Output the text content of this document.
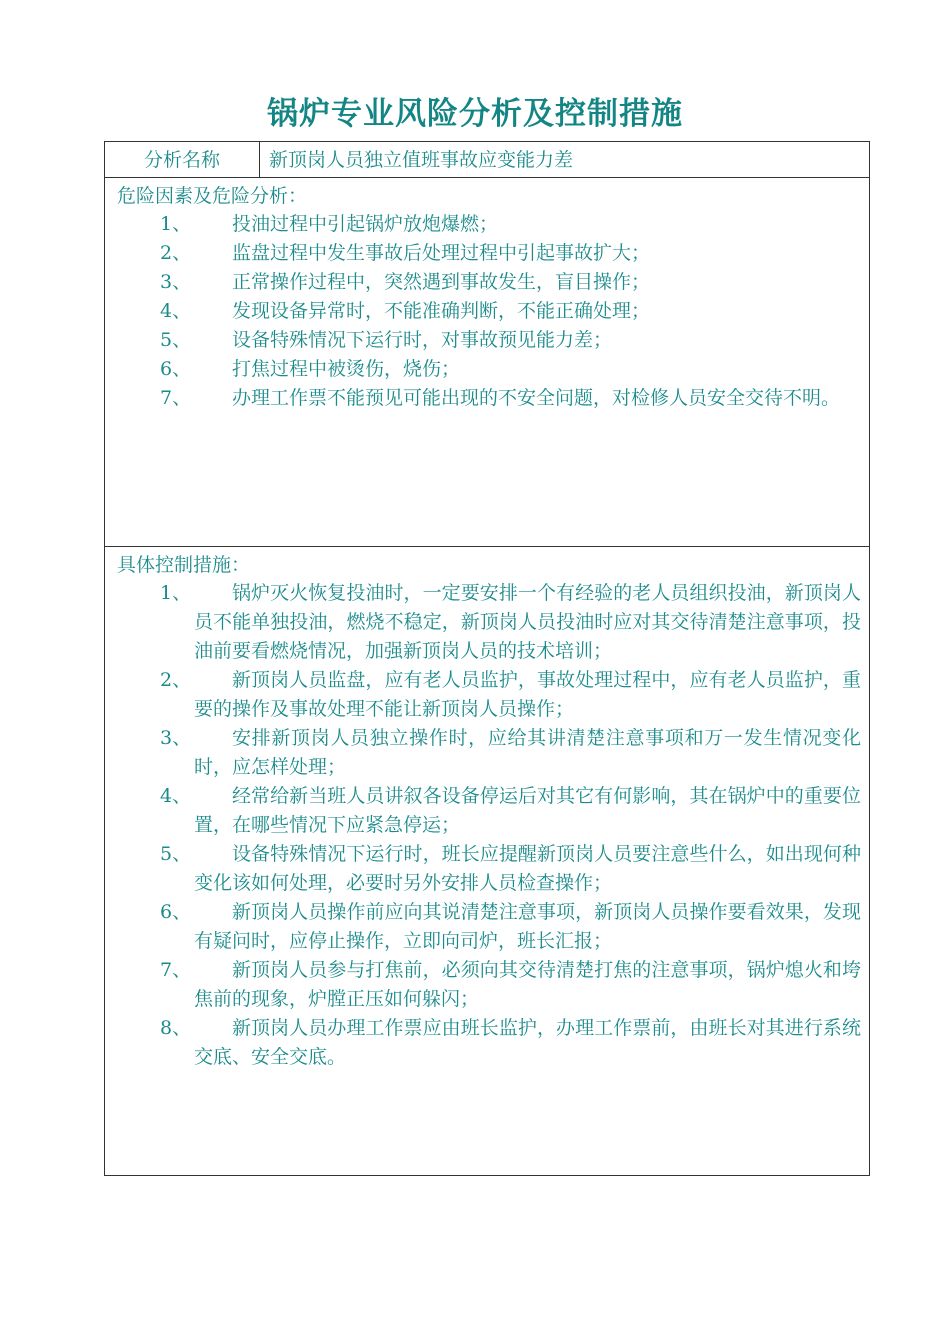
锅炉专业风险分析及控制措施
分析名称	新顶岗人员独立值班事故应变能力差
危险因素及危险分析：
1、	投油过程中引起锅炉放炮爆燃；
2、	监盘过程中发生事故后处理过程中引起事故扩大；
3、	正常操作过程中，突然遇到事故发生，盲目操作；
4、	发现设备异常时，不能准确判断，不能正确处理；
5、	设备特殊情况下运行时，对事故预见能力差；
6、	打焦过程中被烫伤，烧伤；
7、	办理工作票不能预见可能出现的不安全问题，对检修人员安全交待不明。
具体控制措施：
1、	锅炉灭火恢复投油时，一定要安排一个有经验的老人员组织投油，新顶岗人员不能单独投油，燃烧不稳定，新顶岗人员投油时应对其交待清楚注意事项，投油前要看燃烧情况，加强新顶岗人员的技术培训；
2、	新顶岗人员监盘，应有老人员监护，事故处理过程中，应有老人员监护，重要的操作及事故处理不能让新顶岗人员操作；
3、	安排新顶岗人员独立操作时，应给其讲清楚注意事项和万一发生情况变化时，应怎样处理；
4、	经常给新当班人员讲叙各设备停运后对其它有何影响，其在锅炉中的重要位置，在哪些情况下应紧急停运；
5、	设备特殊情况下运行时，班长应提醒新顶岗人员要注意些什么，如出现何种变化该如何处理，必要时另外安排人员检查操作；
6、	新顶岗人员操作前应向其说清楚注意事项，新顶岗人员操作要看效果，发现有疑问时，应停止操作，立即向司炉，班长汇报；
7、	新顶岗人员参与打焦前，必须向其交待清楚打焦的注意事项，锅炉熄火和垮焦前的现象，炉膛正压如何躲闪；
8、	新顶岗人员办理工作票应由班长监护，办理工作票前，由班长对其进行系统交底、安全交底。
